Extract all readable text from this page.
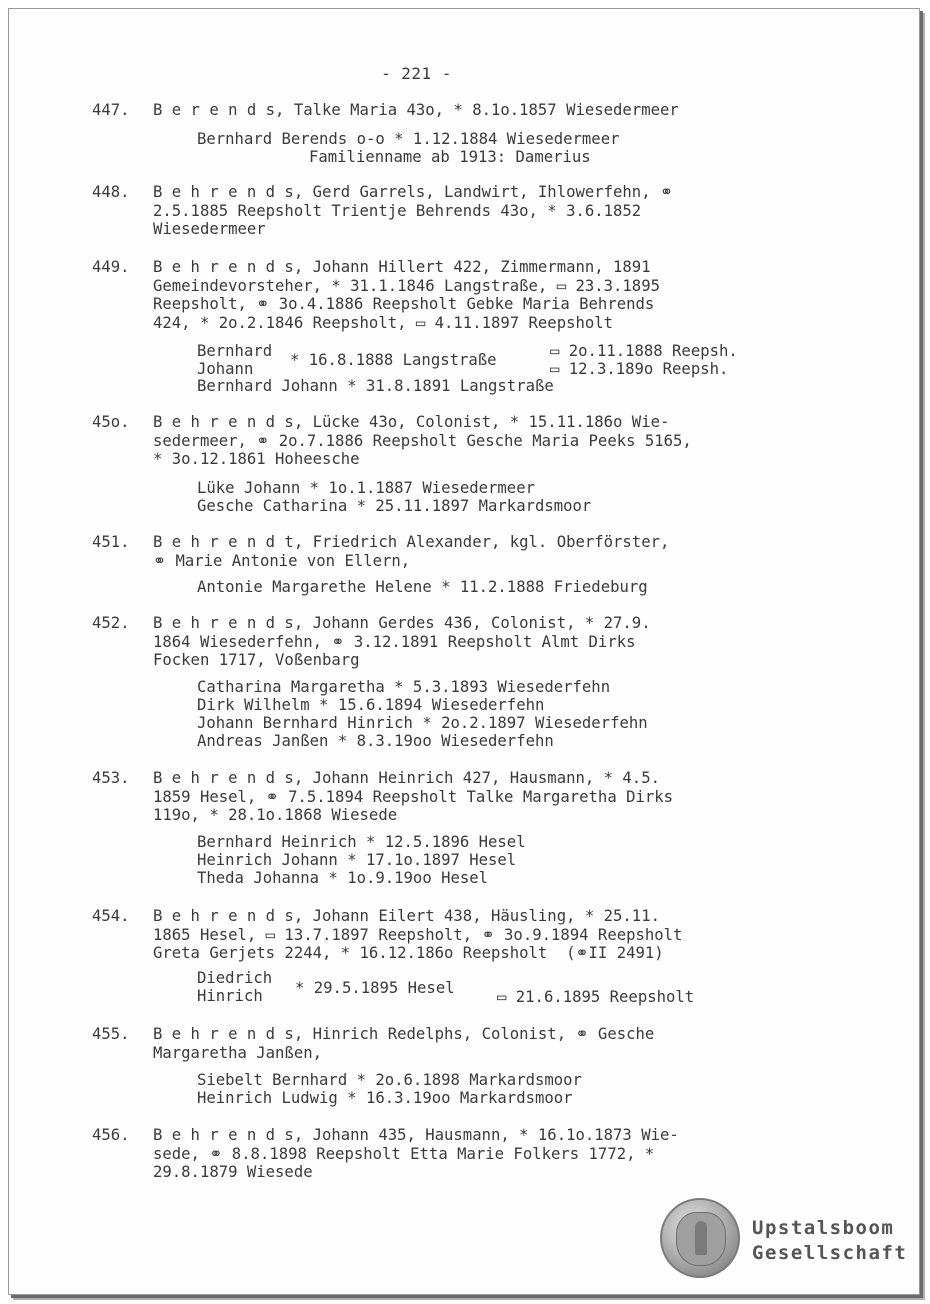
- 221 -
447. B e r e n d s, Talke Maria 43o, * 8.1o.1857 Wiesedermeer
Bernhard Berends o-o * 1.12.1884 Wiesedermeer
Familienname ab 1913: Damerius
448. B e h r e n d s, Gerd Garrels, Landwirt, Ihlowerfehn, ⚭
2.5.1885 Reepsholt Trientje Behrends 43o, * 3.6.1852
Wiesedermeer
449. B e h r e n d s, Johann Hillert 422, Zimmermann, 1891
Gemeindevorsteher, * 31.1.1846 Langstraße, ▭ 23.3.1895
Reepsholt, ⚭ 3o.4.1886 Reepsholt Gebke Maria Behrends
424, * 2o.2.1846 Reepsholt, ▭ 4.11.1897 Reepsholt
Bernhard
Johann * 16.8.1888 Langstraße	▭ 2o.11.1888 Reepsh.
▭ 12.3.189o Reepsh.
Bernhard Johann * 31.8.1891 Langstraße
45o. B e h r e n d s, Lücke 43o, Colonist, * 15.11.186o Wie-
sedermeer, ⚭ 2o.7.1886 Reepsholt Gesche Maria Peeks 5165,
* 3o.12.1861 Hoheesche
Lüke Johann * 1o.1.1887 Wiesedermeer
Gesche Catharina * 25.11.1897 Markardsmoor
451. B e h r e n d t, Friedrich Alexander, kgl. Oberförster,
⚭ Marie Antonie von Ellern,
Antonie Margarethe Helene * 11.2.1888 Friedeburg
452. B e h r e n d s, Johann Gerdes 436, Colonist, * 27.9.
1864 Wiesederfehn, ⚭ 3.12.1891 Reepsholt Almt Dirks
Focken 1717, Voßenbarg
Catharina Margaretha * 5.3.1893 Wiesederfehn
Dirk Wilhelm * 15.6.1894 Wiesederfehn
Johann Bernhard Hinrich * 2o.2.1897 Wiesederfehn
Andreas Janßen * 8.3.19oo Wiesederfehn
453. B e h r e n d s, Johann Heinrich 427, Hausmann, * 4.5.
1859 Hesel, ⚭ 7.5.1894 Reepsholt Talke Margaretha Dirks
119o, * 28.1o.1868 Wiesede
Bernhard Heinrich * 12.5.1896 Hesel
Heinrich Johann * 17.1o.1897 Hesel
Theda Johanna * 1o.9.19oo Hesel
454. B e h r e n d s, Johann Eilert 438, Häusling, * 25.11.
1865 Hesel, ▭ 13.7.1897 Reepsholt, ⚭ 3o.9.1894 Reepsholt
Greta Gerjets 2244, * 16.12.186o Reepsholt  (⚭II 2491)
Diedrich
Hinrich * 29.5.1895 Hesel	▭ 21.6.1895 Reepsholt
455. B e h r e n d s, Hinrich Redelphs, Colonist, ⚭ Gesche
Margaretha Janßen,
Siebelt Bernhard * 2o.6.1898 Markardsmoor
Heinrich Ludwig * 16.3.19oo Markardsmoor
456. B e h r e n d s, Johann 435, Hausmann, * 16.1o.1873 Wie-
sede, ⚭ 8.8.1898 Reepsholt Etta Marie Folkers 1772, *
29.8.1879 Wiesede
Upstalsboom
Gesellschaft
